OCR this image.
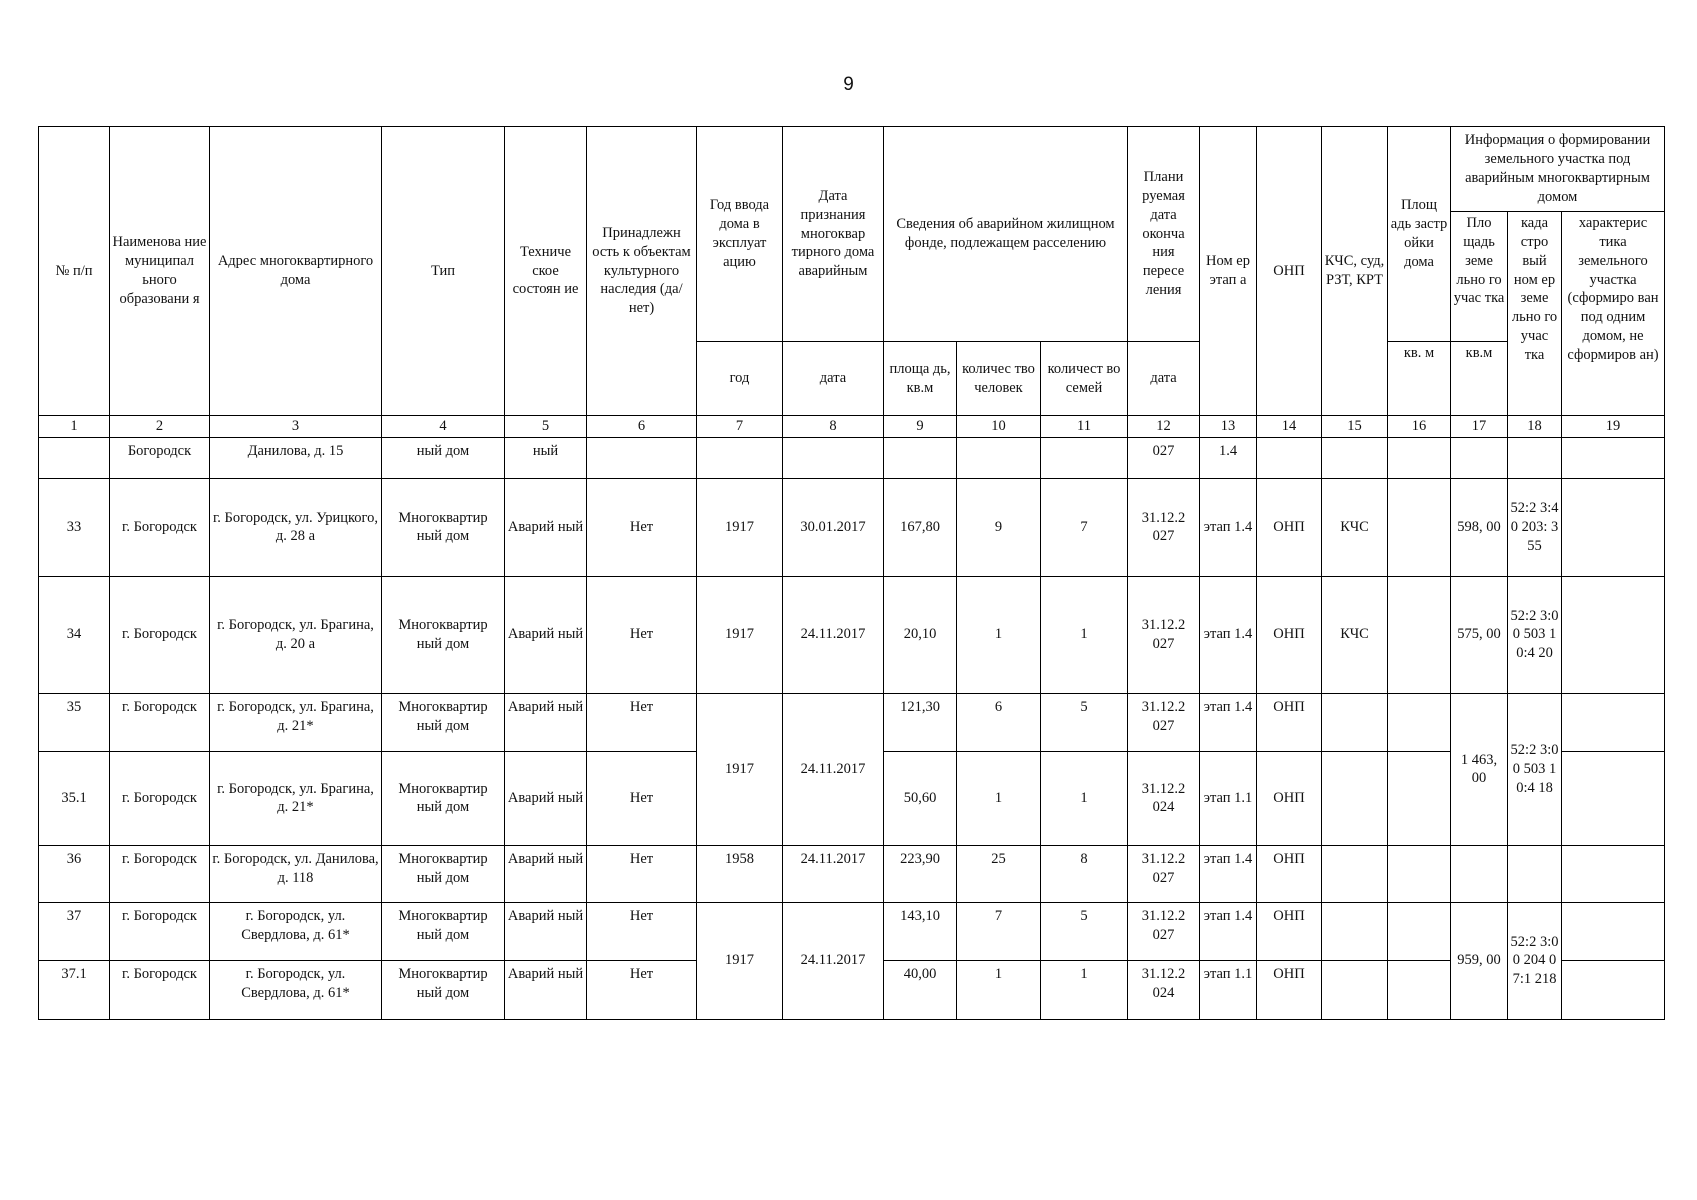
9
№ п/п	Наименова ние муниципал ьного образовани я	Адрес многоквартирного дома	Тип	Техниче ское состоян ие	Принадлежн ость к объектам культурного наследия (да/нет)	Год ввода дома в эксплуат ацию	Дата признания многоквар тирного дома аварийным	Сведения об аварийном жилищном фонде, подлежащем расселению			Плани руемая дата оконча ния пересе ления	Ном ер этап а	ОНП	КЧС, суд, РЗТ, КРТ	Площ адь застр ойки дома	Информация о формировании земельного участка под аварийным многоквартирным домом		
																Пло щадь земе льно го учас тка	када стро вый ном ер земе льно го учас тка	характерис тика земельного участка (сформиро ван под одним домом, не сформиров ан)
						год	дата	площа дь, кв.м	количес тво человек	количест во семей	дата				кв. м	кв.м		
1	2	3	4	5	6	7	8	9	10	11	12	13	14	15	16	17	18	19
	Богородск	Данилова, д. 15	ный дом	ный							027	1.4						
33	г. Богородск	г. Богородск, ул. Урицкого, д. 28 а	Многоквартир ный дом	Аварий ный	Нет	1917	30.01.2017	167,80	9	7	31.12.2 027	этап 1.4	ОНП	КЧС		598, 00	52:2 3:40 203: 355	
34	г. Богородск	г. Богородск, ул. Брагина, д. 20 а	Многоквартир ный дом	Аварий ный	Нет	1917	24.11.2017	20,10	1	1	31.12.2 027	этап 1.4	ОНП	КЧС		575, 00	52:2 3:00 503 10:4 20	
35	г. Богородск	г. Богородск, ул. Брагина, д. 21*	Многоквартир ный дом	Аварий ный	Нет	1917	24.11.2017	121,30	6	5	31.12.2 027	этап 1.4	ОНП			1 463, 00	52:2 3:00 503 10:4 18	
35.1	г. Богородск	г. Богородск, ул. Брагина, д. 21*	Многоквартир ный дом	Аварий ный	Нет			50,60	1	1	31.12.2 024	этап 1.1	ОНП					
36	г. Богородск	г. Богородск, ул. Данилова, д. 118	Многоквартир ный дом	Аварий ный	Нет	1958	24.11.2017	223,90	25	8	31.12.2 027	этап 1.4	ОНП					
37	г. Богородск	г. Богородск, ул. Свердлова, д. 61*	Многоквартир ный дом	Аварий ный	Нет	1917	24.11.2017	143,10	7	5	31.12.2 027	этап 1.4	ОНП			959, 00	52:2 3:00 204 07:1 218	
37.1	г. Богородск	г. Богородск, ул. Свердлова, д. 61*	Многоквартир ный дом	Аварий ный	Нет			40,00	1	1	31.12.2 024	этап 1.1	ОНП					
